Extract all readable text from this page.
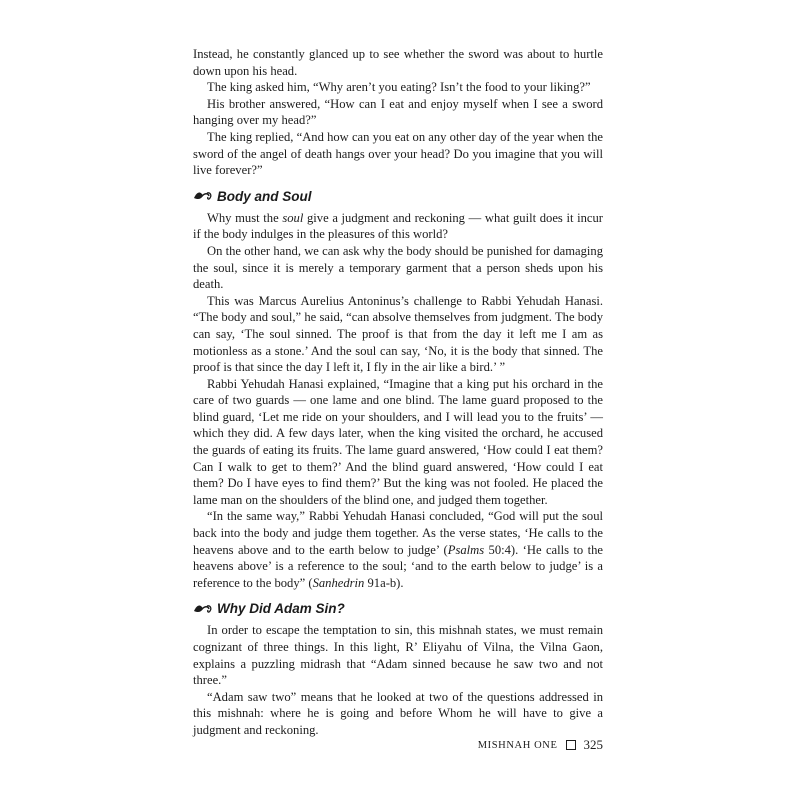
Instead, he constantly glanced up to see whether the sword was about to hurtle down upon his head.

The king asked him, “Why aren’t you eating? Isn’t the food to your liking?”

His brother answered, “How can I eat and enjoy myself when I see a sword hanging over my head?”

The king replied, “And how can you eat on any other day of the year when the sword of the angel of death hangs over your head? Do you imagine that you will live forever?”

Body and Soul

Why must the soul give a judgment and reckoning — what guilt does it incur if the body indulges in the pleasures of this world?

On the other hand, we can ask why the body should be punished for damaging the soul, since it is merely a temporary garment that a person sheds upon his death.

This was Marcus Aurelius Antoninus’s challenge to Rabbi Yehudah Hanasi. “The body and soul,” he said, “can absolve themselves from judgment. The body can say, ‘The soul sinned. The proof is that from the day it left me I am as motionless as a stone.’ And the soul can say, ‘No, it is the body that sinned. The proof is that since the day I left it, I fly in the air like a bird.’ ”

Rabbi Yehudah Hanasi explained, “Imagine that a king put his orchard in the care of two guards — one lame and one blind. The lame guard proposed to the blind guard, ‘Let me ride on your shoulders, and I will lead you to the fruits’ — which they did. A few days later, when the king visited the orchard, he accused the guards of eating its fruits. The lame guard answered, ‘How could I eat them? Can I walk to get to them?’ And the blind guard answered, ‘How could I eat them? Do I have eyes to find them?’ But the king was not fooled. He placed the lame man on the shoulders of the blind one, and judged them together.

“In the same way,” Rabbi Yehudah Hanasi concluded, “God will put the soul back into the body and judge them together. As the verse states, ‘He calls to the heavens above and to the earth below to judge’ (Psalms 50:4). ‘He calls to the heavens above’ is a reference to the soul; ‘and to the earth below to judge’ is a reference to the body” (Sanhedrin 91a-b).

Why Did Adam Sin?

In order to escape the temptation to sin, this mishnah states, we must remain cognizant of three things. In this light, R’ Eliyahu of Vilna, the Vilna Gaon, explains a puzzling midrash that “Adam sinned because he saw two and not three.”

“Adam saw two” means that he looked at two of the questions addressed in this mishnah: where he is going and before Whom he will have to give a judgment and reckoning.

MISHNAH ONE 325
